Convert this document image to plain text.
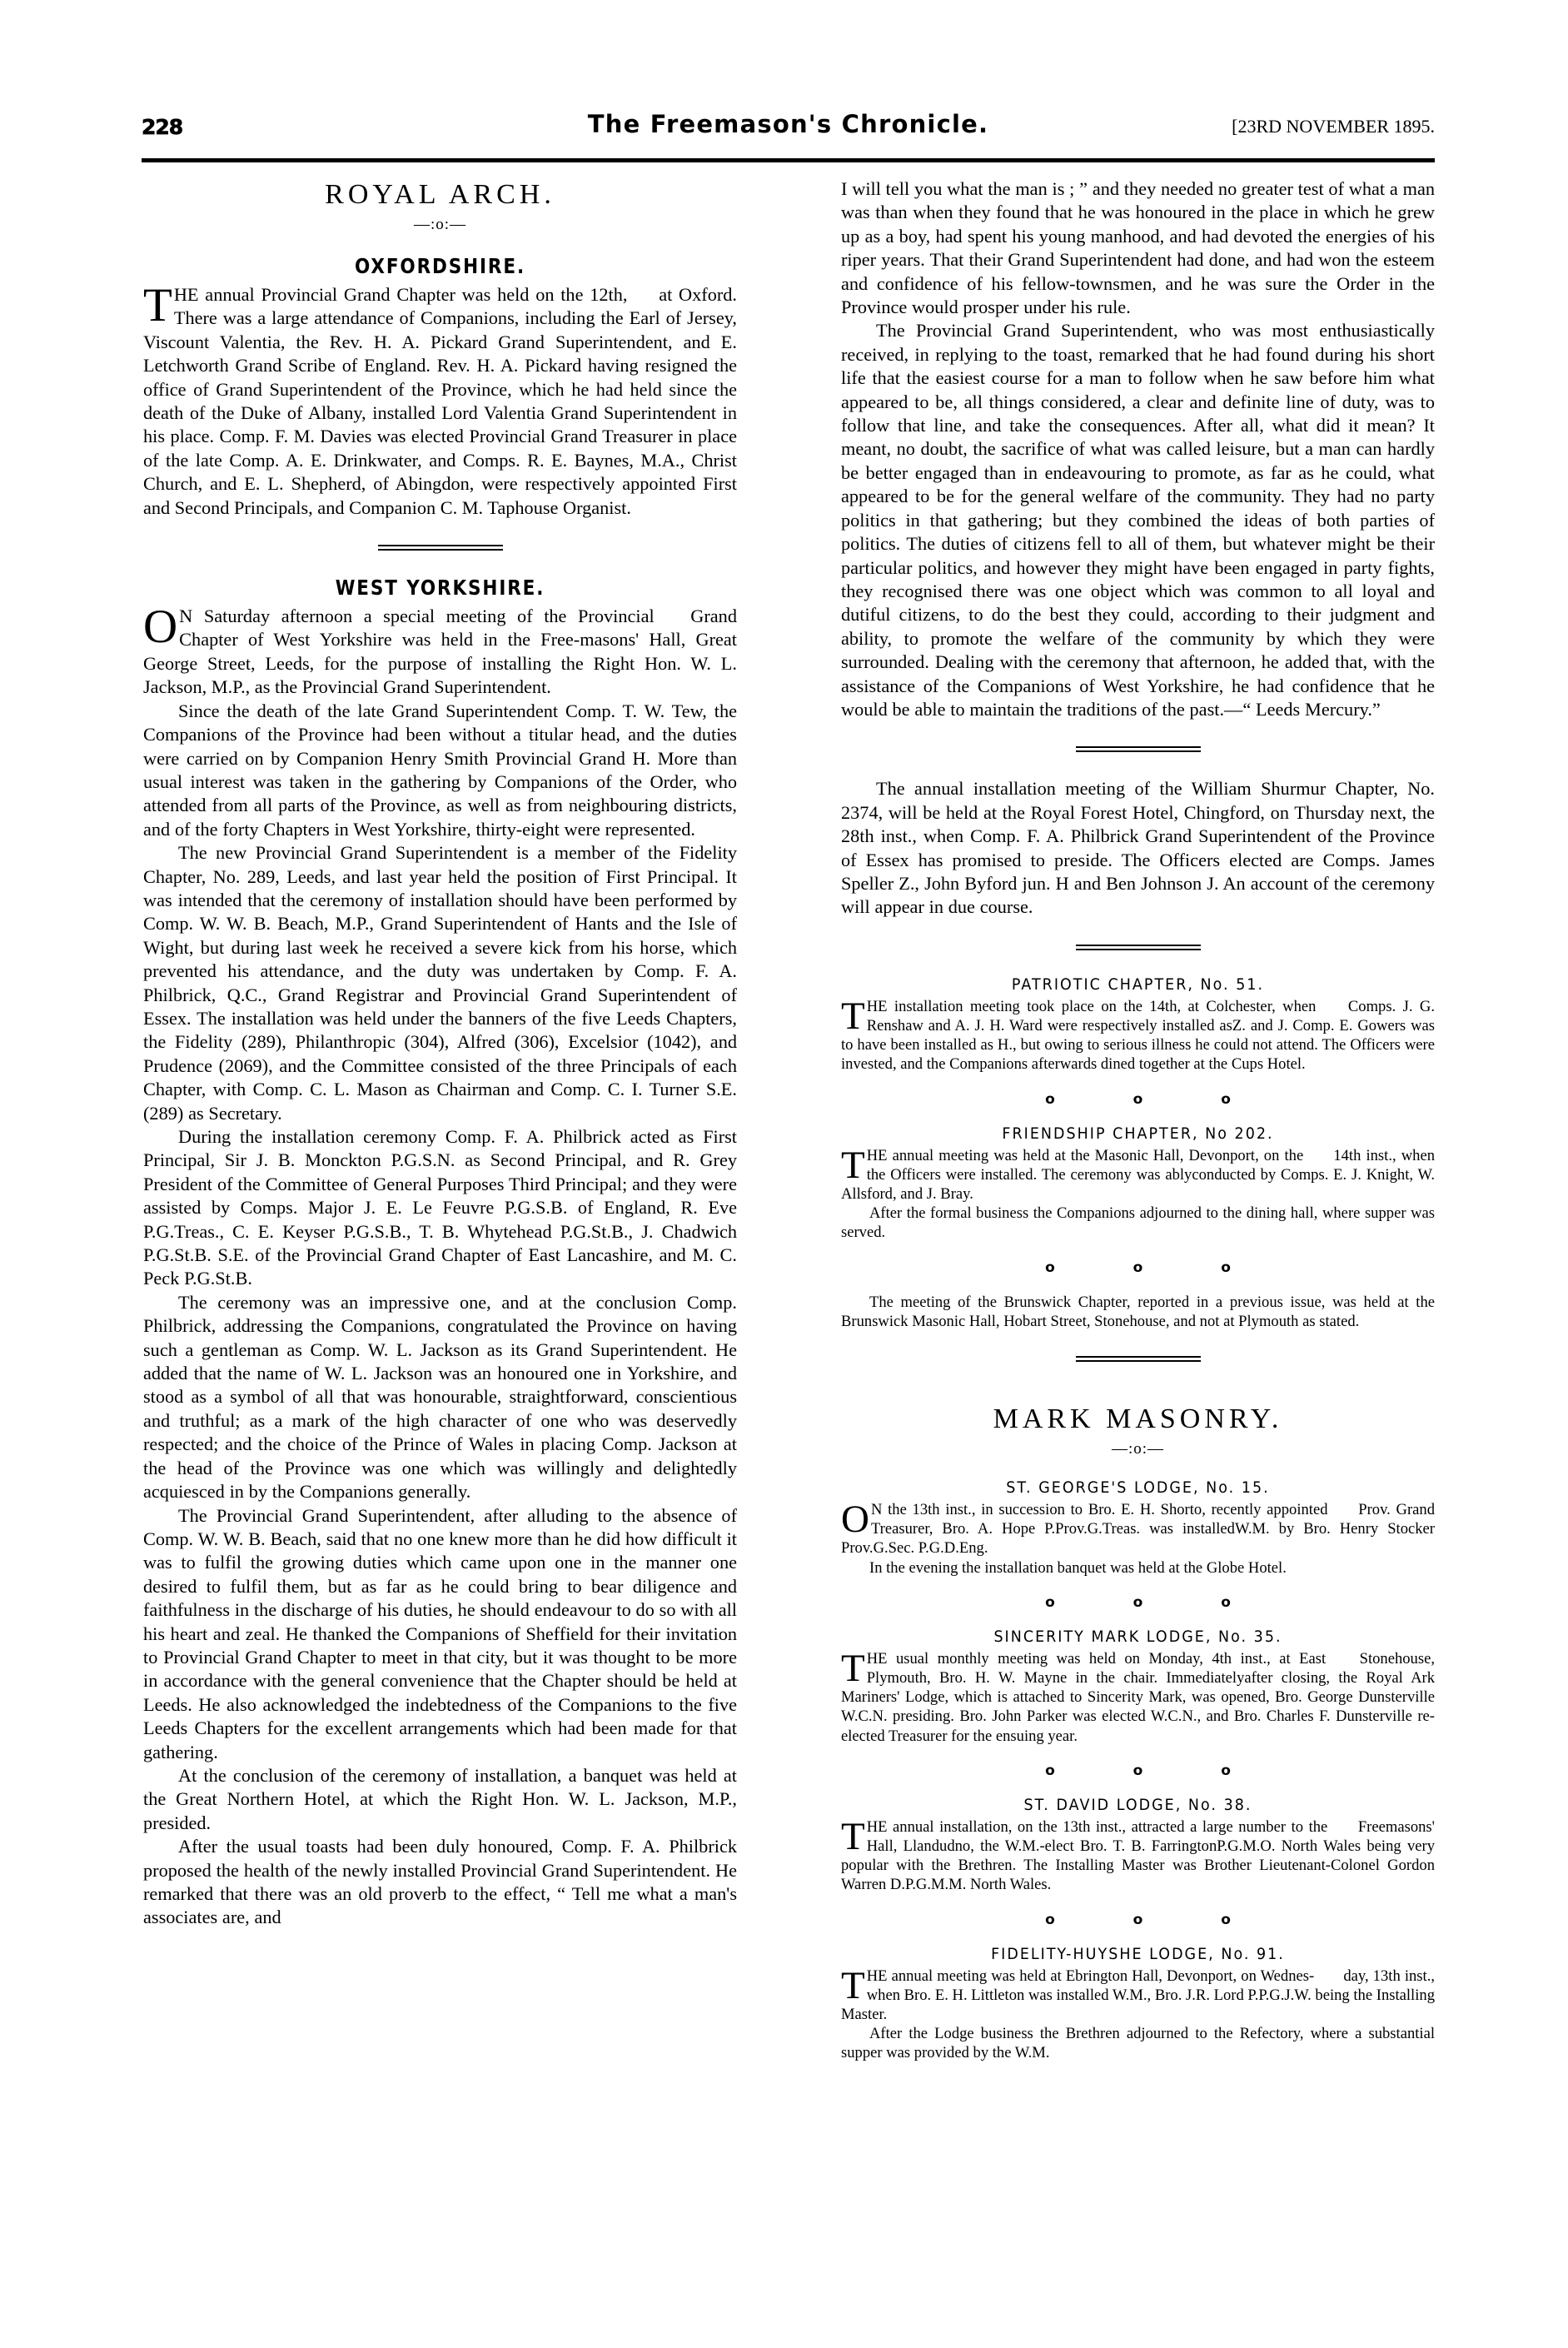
228	The Freemason's Chronicle.	[23RD NOVEMBER 1895.
ROYAL ARCH.
—:o:—
OXFORDSHIRE.
THE annual Provincial Grand Chapter was held on the 12th, at Oxford. There was a large attendance of Companions, including the Earl of Jersey, Viscount Valentia, the Rev. H. A. Pickard Grand Superintendent, and E. Letchworth Grand Scribe of England. Rev. H. A. Pickard having resigned the office of Grand Superintendent of the Province, which he had held since the death of the Duke of Albany, installed Lord Valentia Grand Superintendent in his place. Comp. F. M. Davies was elected Provincial Grand Treasurer in place of the late Comp. A. E. Drinkwater, and Comps. R. E. Baynes, M.A., Christ Church, and E. L. Shepherd, of Abingdon, were respectively appointed First and Second Principals, and Companion C. M. Taphouse Organist.
WEST YORKSHIRE.
O N Saturday afternoon a special meeting of the Provincial Grand Chapter of West Yorkshire was held in the Free-masons' Hall, Great George Street, Leeds, for the purpose of installing the Right Hon. W. L. Jackson, M.P., as the Provincial Grand Superintendent.

Since the death of the late Grand Superintendent Comp. T. W. Tew, the Companions of the Province had been without a titular head, and the duties were carried on by Companion Henry Smith Provincial Grand H. More than usual interest was taken in the gathering by Companions of the Order, who attended from all parts of the Province, as well as from neighbouring districts, and of the forty Chapters in West Yorkshire, thirty-eight were represented.

The new Provincial Grand Superintendent is a member of the Fidelity Chapter, No. 289, Leeds, and last year held the position of First Principal. It was intended that the ceremony of installation should have been performed by Comp. W. W. B. Beach, M.P., Grand Superintendent of Hants and the Isle of Wight, but during last week he received a severe kick from his horse, which prevented his attendance, and the duty was undertaken by Comp. F. A. Philbrick, Q.C., Grand Registrar and Provincial Grand Superintendent of Essex. The installation was held under the banners of the five Leeds Chapters, the Fidelity (289), Philanthropic (304), Alfred (306), Excelsior (1042), and Prudence (2069), and the Committee consisted of the three Principals of each Chapter, with Comp. C. L. Mason as Chairman and Comp. C. I. Turner S.E. (289) as Secretary.

During the installation ceremony Comp. F. A. Philbrick acted as First Principal, Sir J. B. Monckton P.G.S.N. as Second Principal, and R. Grey President of the Committee of General Purposes Third Principal; and they were assisted by Comps. Major J. E. Le Feuvre P.G.S.B. of England, R. Eve P.G.Treas., C. E. Keyser P.G.S.B., T. B. Whytehead P.G.St.B., J. Chadwich P.G.St.B. S.E. of the Provincial Grand Chapter of East Lancashire, and M. C. Peck P.G.St.B.

The ceremony was an impressive one, and at the conclusion Comp. Philbrick, addressing the Companions, congratulated the Province on having such a gentleman as Comp. W. L. Jackson as its Grand Superintendent. He added that the name of W. L. Jackson was an honoured one in Yorkshire, and stood as a symbol of all that was honourable, straightforward, conscientious and truthful; as a mark of the high character of one who was deservedly respected; and the choice of the Prince of Wales in placing Comp. Jackson at the head of the Province was one which was willingly and delightedly acquiesced in by the Companions generally.

The Provincial Grand Superintendent, after alluding to the absence of Comp. W. W. B. Beach, said that no one knew more than he did how difficult it was to fulfil the growing duties which came upon one in the manner one desired to fulfil them, but as far as he could bring to bear diligence and faithfulness in the discharge of his duties, he should endeavour to do so with all his heart and zeal. He thanked the Companions of Sheffield for their invitation to Provincial Grand Chapter to meet in that city, but it was thought to be more in accordance with the general convenience that the Chapter should be held at Leeds. He also acknowledged the indebtedness of the Companions to the five Leeds Chapters for the excellent arrangements which had been made for that gathering.

At the conclusion of the ceremony of installation, a banquet was held at the Great Northern Hotel, at which the Right Hon. W. L. Jackson, M.P., presided.

After the usual toasts had been duly honoured, Comp. F. A. Philbrick proposed the health of the newly installed Provincial Grand Superintendent. He remarked that there was an old proverb to the effect, “ Tell me what a man's associates are, and

I will tell you what the man is ; ” and they needed no greater test of what a man was than when they found that he was honoured in the place in which he grew up as a boy, had spent his young manhood, and had devoted the energies of his riper years. That their Grand Superintendent had done, and had won the esteem and confidence of his fellow-townsmen, and he was sure the Order in the Province would prosper under his rule.

The Provincial Grand Superintendent, who was most enthusiastically received, in replying to the toast, remarked that he had found during his short life that the easiest course for a man to follow when he saw before him what appeared to be, all things considered, a clear and definite line of duty, was to follow that line, and take the consequences. After all, what did it mean? It meant, no doubt, the sacrifice of what was called leisure, but a man can hardly be better engaged than in endeavouring to promote, as far as he could, what appeared to be for the general welfare of the community. They had no party politics in that gathering; but they combined the ideas of both parties of politics. The duties of citizens fell to all of them, but whatever might be their particular politics, and however they might have been engaged in party fights, they recognised there was one object which was common to all loyal and dutiful citizens, to do the best they could, according to their judgment and ability, to promote the welfare of the community by which they were surrounded. Dealing with the ceremony that afternoon, he added that, with the assistance of the Companions of West Yorkshire, he had confidence that he would be able to maintain the traditions of the past.—“ Leeds Mercury.”

The annual installation meeting of the William Shurmur Chapter, No. 2374, will be held at the Royal Forest Hotel, Chingford, on Thursday next, the 28th inst., when Comp. F. A. Philbrick Grand Superintendent of the Province of Essex has promised to preside. The Officers elected are Comps. James Speller Z., John Byford jun. H and Ben Johnson J. An account of the ceremony will appear in due course.

PATRIOTIC CHAPTER, No. 51.
THE installation meeting took place on the 14th, at Colchester, when Comps. J. G. Renshaw and A. J. H. Ward were respectively installed asZ. and J. Comp. E. Gowers was to have been installed as H., but owing to serious illness he could not attend. The Officers were invested, and the Companions afterwards dined together at the Cups Hotel.
o o o
FRIENDSHIP CHAPTER, No 202.
THE annual meeting was held at the Masonic Hall, Devonport, on the 14th inst., when the Officers were installed. The ceremony was ablyconducted by Comps. E. J. Knight, W. Allsford, and J. Bray.

After the formal business the Companions adjourned to the dining hall, where supper was served.

o o o

The meeting of the Brunswick Chapter, reported in a previous issue, was held at the Brunswick Masonic Hall, Hobart Street, Stonehouse, and not at Plymouth as stated.

MARK MASONRY.
—:o:—
ST. GEORGE'S LODGE, No. 15.
O N the 13th inst., in succession to Bro. E. H. Shorto, recently appointed Prov. Grand Treasurer, Bro. A. Hope P.Prov.G.Treas. was installedW.M. by Bro. Henry Stocker Prov.G.Sec. P.G.D.Eng.

In the evening the installation banquet was held at the Globe Hotel.

o o o
SINCERITY MARK LODGE, No. 35.
THE usual monthly meeting was held on Monday, 4th inst., at East Stonehouse, Plymouth, Bro. H. W. Mayne in the chair. Immediatelyafter closing, the Royal Ark Mariners' Lodge, which is attached to Sincerity Mark, was opened, Bro. George Dunsterville W.C.N. presiding. Bro. John Parker was elected W.C.N., and Bro. Charles F. Dunsterville re-elected Treasurer for the ensuing year.
o o o
ST. DAVID LODGE, No. 38.
THE annual installation, on the 13th inst., attracted a large number to the Freemasons' Hall, Llandudno, the W.M.-elect Bro. T. B. FarringtonP.G.M.O. North Wales being very popular with the Brethren. The Installing Master was Brother Lieutenant-Colonel Gordon Warren D.P.G.M.M. North Wales.
o o o
FIDELITY-HUYSHE LODGE, No. 91.
THE annual meeting was held at Ebrington Hall, Devonport, on Wednes- day, 13th inst., when Bro. E. H. Littleton was installed W.M., Bro. J.R. Lord P.P.G.J.W. being the Installing Master.

After the Lodge business the Brethren adjourned to the Refectory, where a substantial supper was provided by the W.M.
